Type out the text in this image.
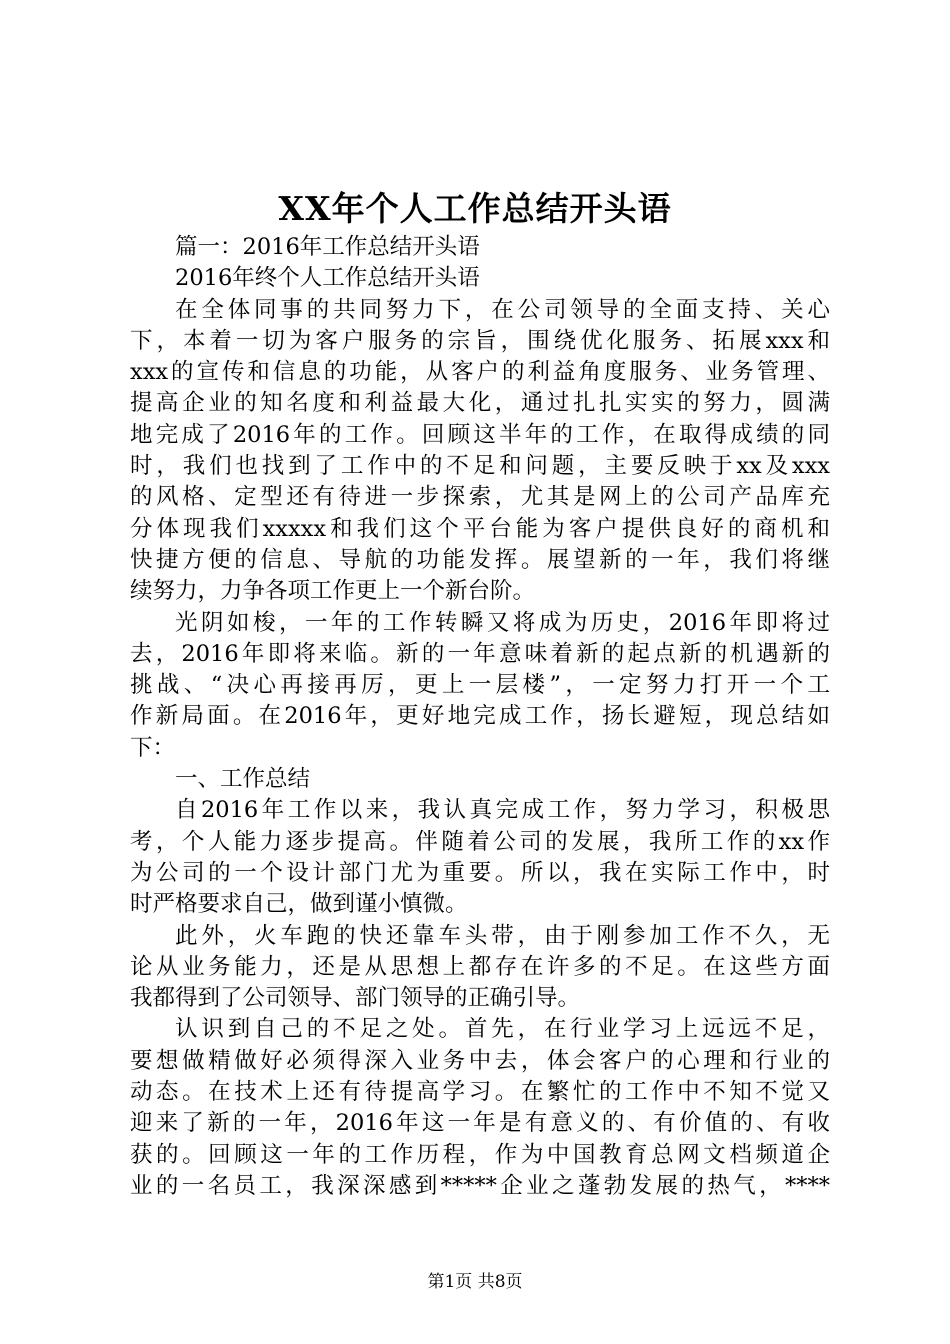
XX年个人工作总结开头语
篇一：2016年工作总结开头语
2016年终个人工作总结开头语
在全体同事的共同努力下，在公司领导的全面支持、关心
下，本着一切为客户服务的宗旨，围绕优化服务、拓展xxx和
xxx的宣传和信息的功能，从客户的利益角度服务、业务管理、
提高企业的知名度和利益最大化，通过扎扎实实的努力，圆满
地完成了2016年的工作。回顾这半年的工作，在取得成绩的同
时，我们也找到了工作中的不足和问题，主要反映于xx及xxx
的风格、定型还有待进一步探索，尤其是网上的公司产品库充
分体现我们xxxxx和我们这个平台能为客户提供良好的商机和
快捷方便的信息、导航的功能发挥。展望新的一年，我们将继
续努力，力争各项工作更上一个新台阶。
光阴如梭，一年的工作转瞬又将成为历史，2016年即将过
去，2016年即将来临。新的一年意味着新的起点新的机遇新的
挑战、“决心再接再厉，更上一层楼”，一定努力打开一个工
作新局面。在2016年，更好地完成工作，扬长避短，现总结如
下：
一、工作总结
自2016年工作以来，我认真完成工作，努力学习，积极思
考，个人能力逐步提高。伴随着公司的发展，我所工作的xx作
为公司的一个设计部门尤为重要。所以，我在实际工作中，时
时严格要求自己，做到谨小慎微。
此外，火车跑的快还靠车头带，由于刚参加工作不久，无
论从业务能力，还是从思想上都存在许多的不足。在这些方面
我都得到了公司领导、部门领导的正确引导。
认识到自己的不足之处。首先，在行业学习上远远不足，
要想做精做好必须得深入业务中去，体会客户的心理和行业的
动态。在技术上还有待提高学习。在繁忙的工作中不知不觉又
迎来了新的一年，2016年这一年是有意义的、有价值的、有收
获的。回顾这一年的工作历程，作为中国教育总网文档频道企
业的一名员工，我深深感到*****企业之蓬勃发展的热气，****
第1页 共8页
